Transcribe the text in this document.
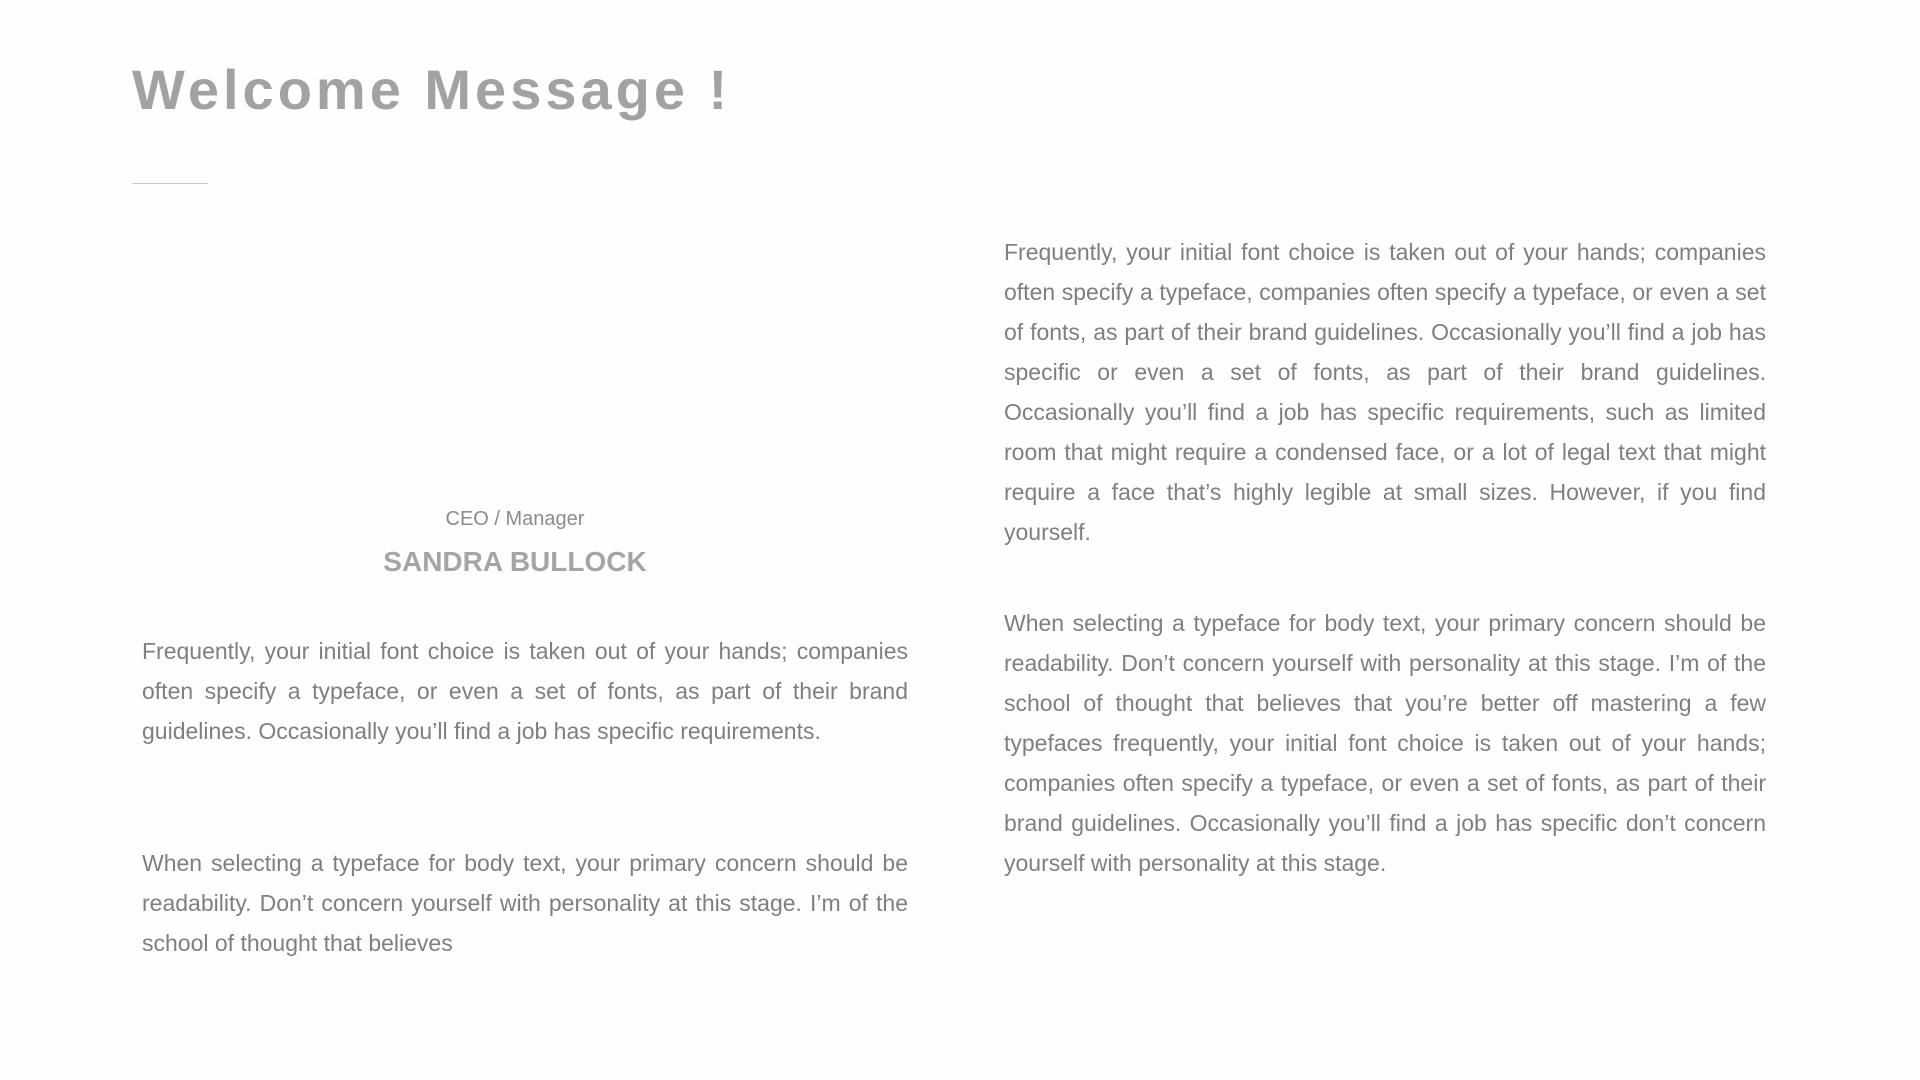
Welcome Message !
CEO / Manager
SANDRA BULLOCK

Frequently, your initial font choice is taken out of your hands; companies often specify a typeface, or even a set of fonts, as part of their brand guidelines. Occasionally you’ll find a job has specific requirements.

When selecting a typeface for body text, your primary concern should be readability. Don’t concern yourself with personality at this stage. I’m of the school of thought that believes

Frequently, your initial font choice is taken out of your hands; companies often specify a typeface, companies often specify a typeface, or even a set of fonts, as part of their brand guidelines. Occasionally you’ll find a job has specific or even a set of fonts, as part of their brand guidelines. Occasionally you’ll find a job has specific requirements, such as limited room that might require a condensed face, or a lot of legal text that might require a face that’s highly legible at small sizes. However, if you find yourself.

When selecting a typeface for body text, your primary concern should be readability. Don’t concern yourself with personality at this stage. I’m of the school of thought that believes that you’re better off mastering a few typefaces frequently, your initial font choice is taken out of your hands; companies often specify a typeface, or even a set of fonts, as part of their brand guidelines. Occasionally you’ll find a job has specific don’t concern yourself with personality at this stage.
